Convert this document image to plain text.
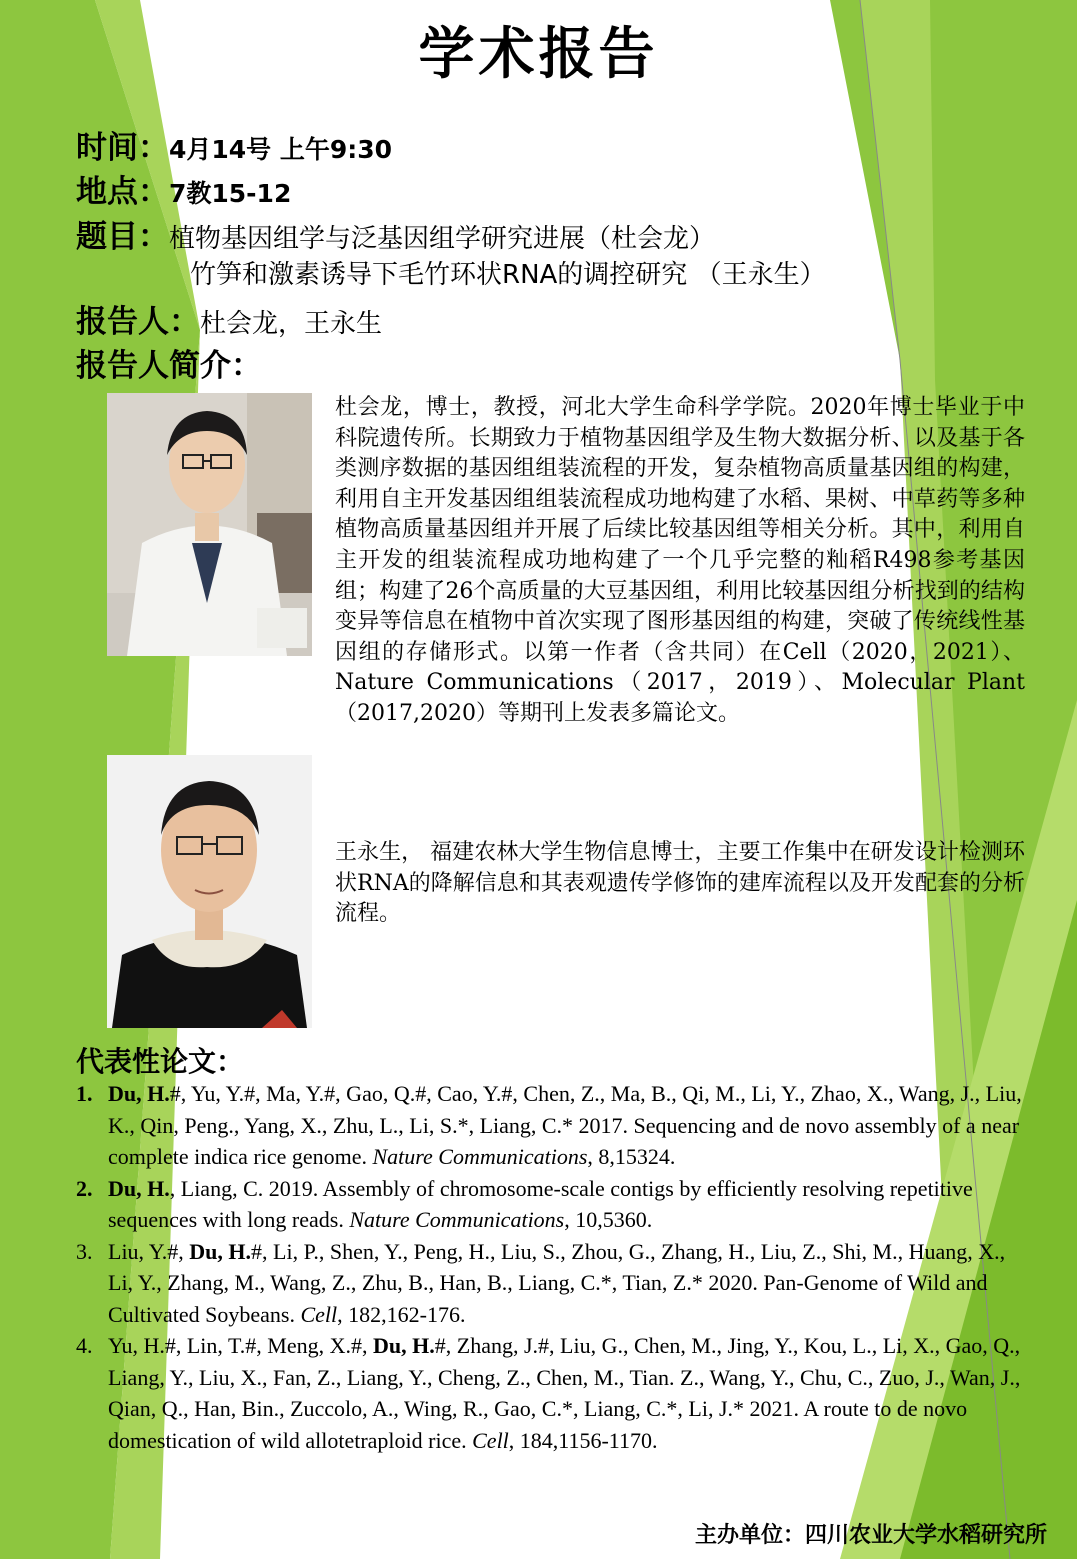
学术报告
时间：4月14号 上午9:30
地点：7教15-12
题目：植物基因组学与泛基因组学研究进展（杜会龙）
竹笋和激素诱导下毛竹环状RNA的调控研究 （王永生）
报告人：杜会龙，王永生
报告人简介：

杜会龙，博士，教授，河北大学生命科学学院。2020年博士毕业于中科院遗传所。长期致力于植物基因组学及生物大数据分析、以及基于各类测序数据的基因组组装流程的开发，复杂植物高质量基因组的构建，利用自主开发基因组组装流程成功地构建了水稻、果树、中草药等多种植物高质量基因组并开展了后续比较基因组等相关分析。其中，利用自主开发的组装流程成功地构建了一个几乎完整的籼稻R498参考基因组；构建了26个高质量的大豆基因组，利用比较基因组分析找到的结构变异等信息在植物中首次实现了图形基因组的构建，突破了传统线性基因组的存储形式。以第一作者（含共同）在Cell（2020，2021）、Nature Communications（2017，2019）、Molecular Plant（2017,2020）等期刊上发表多篇论文。

王永生， 福建农林大学生物信息博士，主要工作集中在研发设计检测环状RNA的降解信息和其表观遗传学修饰的建库流程以及开发配套的分析流程。

代表性论文：
1. Du, H.#, Yu, Y.#, Ma, Y.#, Gao, Q.#, Cao, Y.#, Chen, Z., Ma, B., Qi, M., Li, Y., Zhao, X., Wang, J., Liu, K., Qin, Peng., Yang, X., Zhu, L., Li, S.*, Liang, C.* 2017. Sequencing and de novo assembly of a near complete indica rice genome. Nature Communications, 8,15324.
2. Du, H., Liang, C. 2019. Assembly of chromosome-scale contigs by efficiently resolving repetitive sequences with long reads. Nature Communications, 10,5360.
3. Liu, Y.#, Du, H.#, Li, P., Shen, Y., Peng, H., Liu, S., Zhou, G., Zhang, H., Liu, Z., Shi, M., Huang, X., Li, Y., Zhang, M., Wang, Z., Zhu, B., Han, B., Liang, C.*, Tian, Z.* 2020. Pan-Genome of Wild and Cultivated Soybeans. Cell, 182,162-176.
4. Yu, H.#, Lin, T.#, Meng, X.#, Du, H.#, Zhang, J.#, Liu, G., Chen, M., Jing, Y., Kou, L., Li, X., Gao, Q., Liang, Y., Liu, X., Fan, Z., Liang, Y., Cheng, Z., Chen, M., Tian. Z., Wang, Y., Chu, C., Zuo, J., Wan, J., Qian, Q., Han, Bin., Zuccolo, A., Wing, R., Gao, C.*, Liang, C.*, Li, J.* 2021. A route to de novo domestication of wild allotetraploid rice. Cell, 184,1156-1170.
主办单位：四川农业大学水稻研究所
